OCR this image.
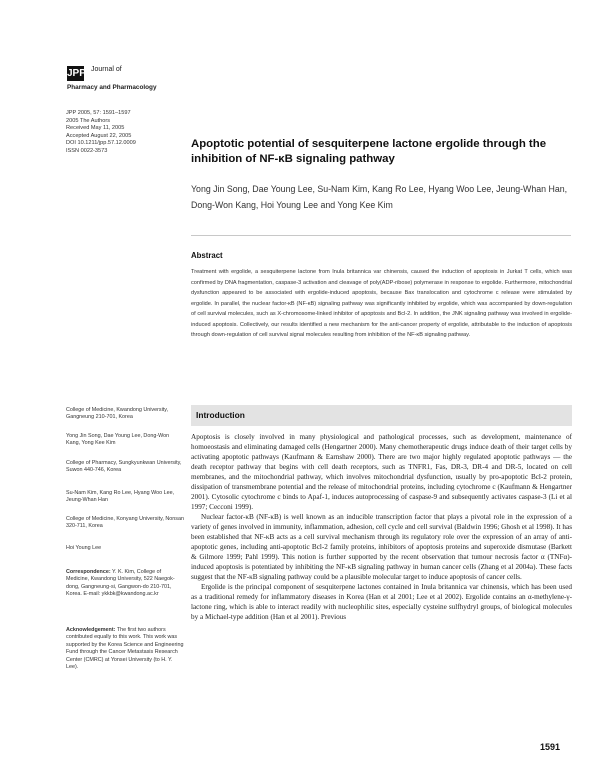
JPP Journal of
Pharmacy and Pharmacology
JPP 2005, 57: 1591–1597
2005 The Authors
Received May 11, 2005
Accepted August 22, 2005
DOI 10.1211/jpp.57.12.0009
ISSN 0022-3573
Apoptotic potential of sesquiterpene lactone ergolide through the inhibition of NF-κB signaling pathway
Yong Jin Song, Dae Young Lee, Su-Nam Kim, Kang Ro Lee, Hyang Woo Lee, Jeung-Whan Han, Dong-Won Kang, Hoi Young Lee and Yong Kee Kim
Abstract
Treatment with ergolide, a sesquiterpene lactone from Inula britannica var chinensis, caused the induction of apoptosis in Jurkat T cells, which was confirmed by DNA fragmentation, caspase-3 activation and cleavage of poly(ADP-ribose) polymerase in response to ergolide. Furthermore, mitochondrial dysfunction appeared to be associated with ergolide-induced apoptosis, because Bax translocation and cytochrome c release were stimulated by ergolide. In parallel, the nuclear factor-κB (NF-κB) signaling pathway was significantly inhibited by ergolide, which was accompanied by down-regulation of cell survival molecules, such as X-chromosome-linked inhibitor of apoptosis and Bcl-2. In addition, the JNK signaling pathway was involved in ergolide-induced apoptosis. Collectively, our results identified a new mechanism for the anti-cancer property of ergolide, attributable to the induction of apoptosis through down-regulation of cell survival signal molecules resulting from inhibition of the NF-κB signaling pathway.
Introduction
College of Medicine, Kwandong University, Gangneung 210-701, Korea
Yong Jin Song, Dae Young Lee, Dong-Won Kang, Yong Kee Kim
College of Pharmacy, Sungkyunkwan University, Suwon 440-746, Korea
Su-Nam Kim, Kang Ro Lee, Hyang Woo Lee, Jeung-Whan Han
College of Medicine, Konyang University, Nonsan 320-711, Korea
Hoi Young Lee
Correspondence: Y. K. Kim, College of Medicine, Kwandong University, 522 Naegok-dong, Gangneung-si, Gangwon-do 210-701, Korea. E-mail: ykkbk@kwandong.ac.kr
Acknowledgement: The first two authors contributed equally to this work. This work was supported by the Korea Science and Engineering Fund through the Cancer Metastasis Research Center (CMRC) at Yonsei University (to H. Y. Lee).

Apoptosis is closely involved in many physiological and pathological processes, such as development, maintenance of homoeostasis and eliminating damaged cells (Hengartner 2000). Many chemotherapeutic drugs induce death of their target cells by activating apoptotic pathways (Kaufmann & Earnshaw 2000). There are two major highly regulated apoptotic pathways — the death receptor pathway that begins with cell death receptors, such as TNFR1, Fas, DR-3, DR-4 and DR-5, located on cell membranes, and the mitochondrial pathway, which involves mitochondrial dysfunction, usually by pro-apoptotic Bcl-2 protein, dissipation of transmembrane potential and the release of mitochondrial proteins, including cytochrome c (Kaufmann & Hengartner 2001). Cytosolic cytochrome c binds to Apaf-1, induces autoprocessing of caspase-9 and subsequently activates caspase-3 (Li et al 1997; Cecconi 1999).

Nuclear factor-κB (NF-κB) is well known as an inducible transcription factor that plays a pivotal role in the expression of a variety of genes involved in immunity, inflammation, adhesion, cell cycle and cell survival (Baldwin 1996; Ghosh et al 1998). It has been established that NF-κB acts as a cell survival mechanism through its regulatory role over the expression of an array of anti-apoptotic genes, including anti-apoptotic Bcl-2 family proteins, inhibitors of apoptosis proteins and superoxide dismutase (Barkett & Gilmore 1999; Pahl 1999). This notion is further supported by the recent observation that tumour necrosis factor α (TNFα)-induced apoptosis is potentiated by inhibiting the NF-κB signaling pathway in human cancer cells (Zhang et al 2004a). These facts suggest that the NF-κB signaling pathway could be a plausible molecular target to induce apoptosis of cancer cells.

Ergolide is the principal component of sesquiterpene lactones contained in Inula britannica var chinensis, which has been used as a traditional remedy for inflammatory diseases in Korea (Han et al 2001; Lee et al 2002). Ergolide contains an α-methylene-γ-lactone ring, which is able to interact readily with nucleophilic sites, especially cysteine sulfhydryl groups, of biological molecules by a Michael-type addition (Han et al 2001). Previous

1591
